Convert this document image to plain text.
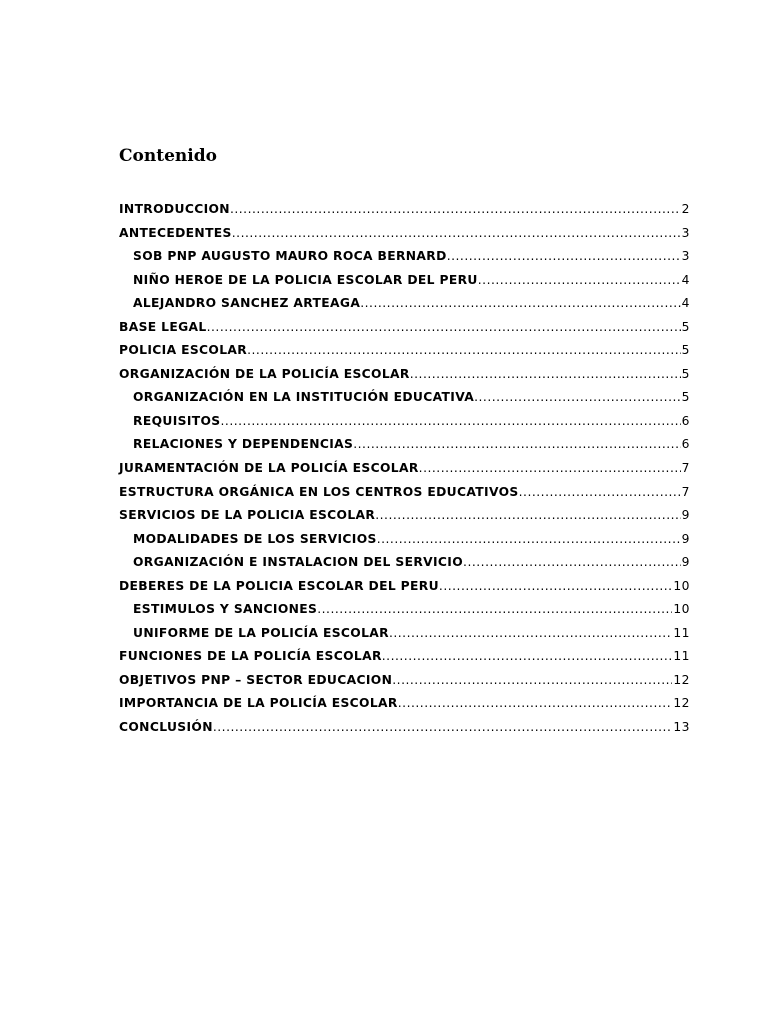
Contenido
INTRODUCCION .....	2
ANTECEDENTES .....	3
SOB PNP AUGUSTO MAURO ROCA BERNARD .....	3
NIÑO HEROE DE LA POLICIA ESCOLAR DEL PERU .....	4
ALEJANDRO SANCHEZ ARTEAGA .....	4
BASE LEGAL .....	5
POLICIA ESCOLAR .....	5
ORGANIZACIÓN DE LA POLICÍA ESCOLAR .....	5
ORGANIZACIÓN EN LA INSTITUCIÓN EDUCATIVA .....	5
REQUISITOS .....	6
RELACIONES Y DEPENDENCIAS .....	6
JURAMENTACIÓN DE LA POLICÍA ESCOLAR .....	7
ESTRUCTURA ORGÁNICA EN LOS CENTROS EDUCATIVOS .....	7
SERVICIOS DE LA POLICIA ESCOLAR .....	9
MODALIDADES DE LOS SERVICIOS .....	9
ORGANIZACIÓN E INSTALACION DEL SERVICIO .....	9
DEBERES DE LA POLICIA ESCOLAR DEL PERU .....	10
ESTIMULOS Y SANCIONES .....	10
UNIFORME DE LA POLICÍA ESCOLAR .....	11
FUNCIONES DE LA POLICÍA ESCOLAR .....	11
OBJETIVOS PNP – SECTOR EDUCACION .....	12
IMPORTANCIA DE LA POLICÍA ESCOLAR .....	12
CONCLUSIÓN .....	13
